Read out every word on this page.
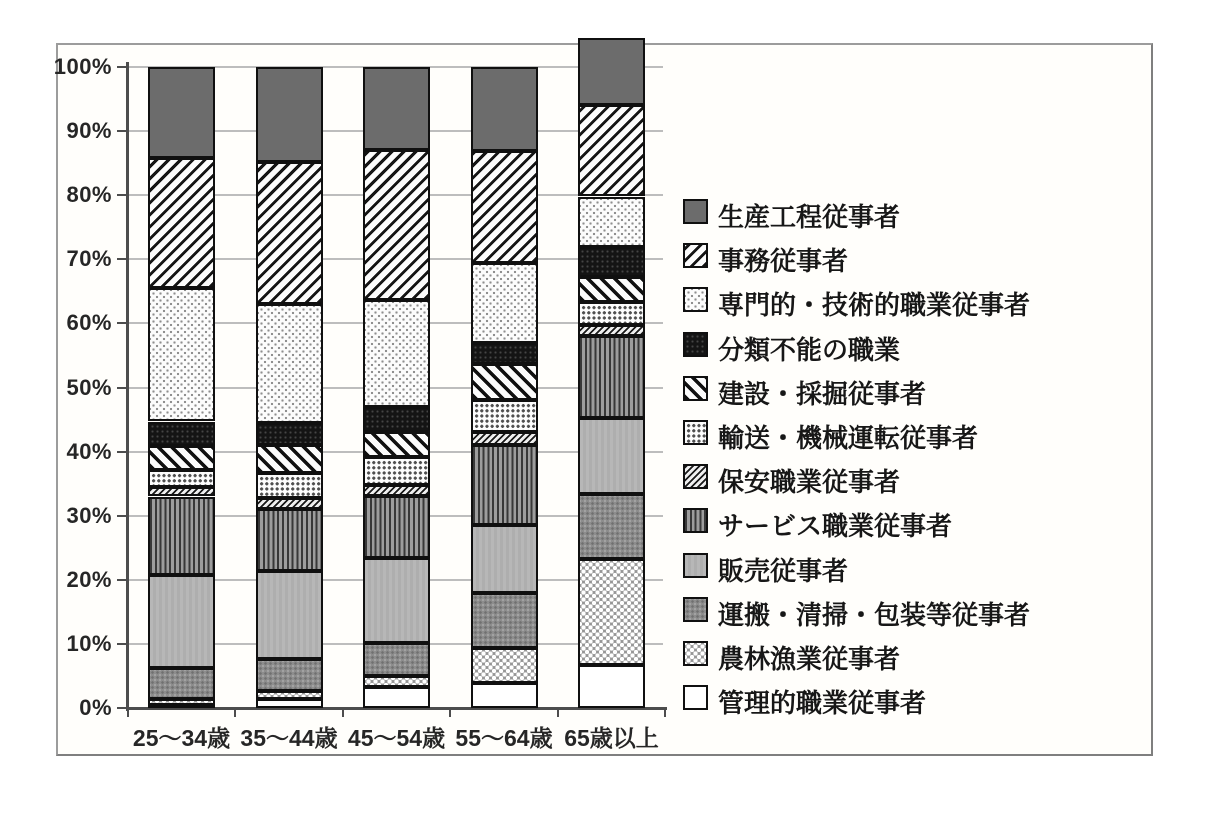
0%
10%
20%
30%
40%
50%
60%
70%
80%
90%
100%
25〜34歳 35〜44歳 45〜54歳 55〜64歳 65歳以上
生産工程従事者
事務従事者
専門的・技術的職業従事者
分類不能の職業
建設・採掘従事者
輸送・機械運転従事者
保安職業従事者
サービス職業従事者
販売従事者
運搬・清掃・包装等従事者
農林漁業従事者
管理的職業従事者
